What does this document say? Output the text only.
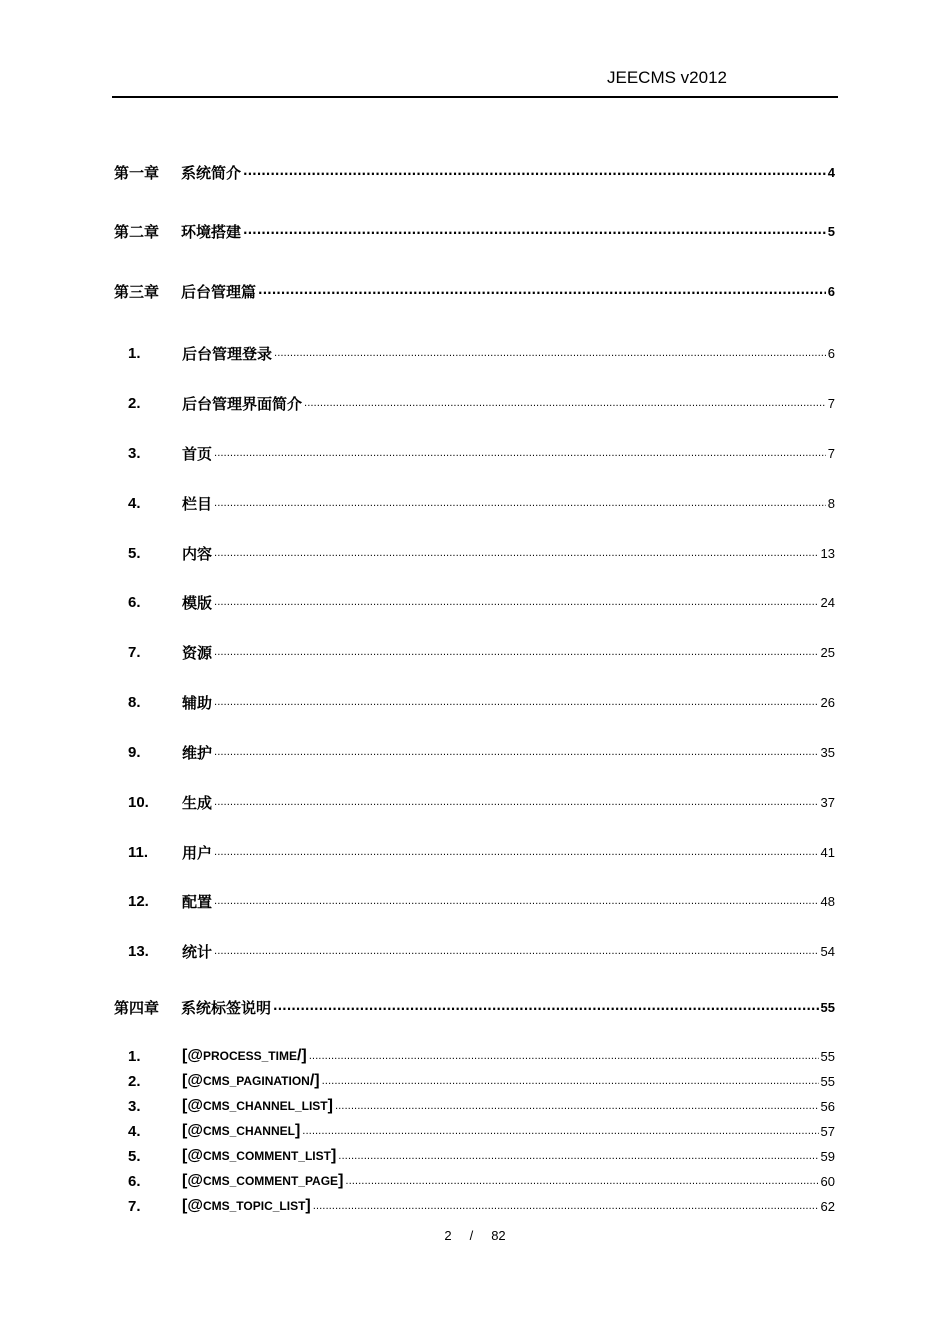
JEECMS v2012
第一章	系统简介 .....	4
第二章	环境搭建 .....	5
第三章	后台管理篇 .....	6
1.	后台管理登录 .....	6
2.	后台管理界面简介 .....	7
3.	首页 .....	7
4.	栏目 .....	8
5.	内容 .....	13
6.	模版 .....	24
7.	资源 .....	25
8.	辅助 .....	26
9.	维护 .....	35
10.	生成 .....	37
11.	用户 .....	41
12.	配置 .....	48
13.	统计 .....	54
第四章	系统标签说明 .....	55
1.	[@PROCESS_TIME/] .....	55
2.	[@CMS_PAGINATION/] .....	55
3.	[@CMS_CHANNEL_LIST] .....	56
4.	[@CMS_CHANNEL] .....	57
5.	[@CMS_COMMENT_LIST] .....	59
6.	[@CMS_COMMENT_PAGE] .....	60
7.	[@CMS_TOPIC_LIST] .....	62
2 / 82
